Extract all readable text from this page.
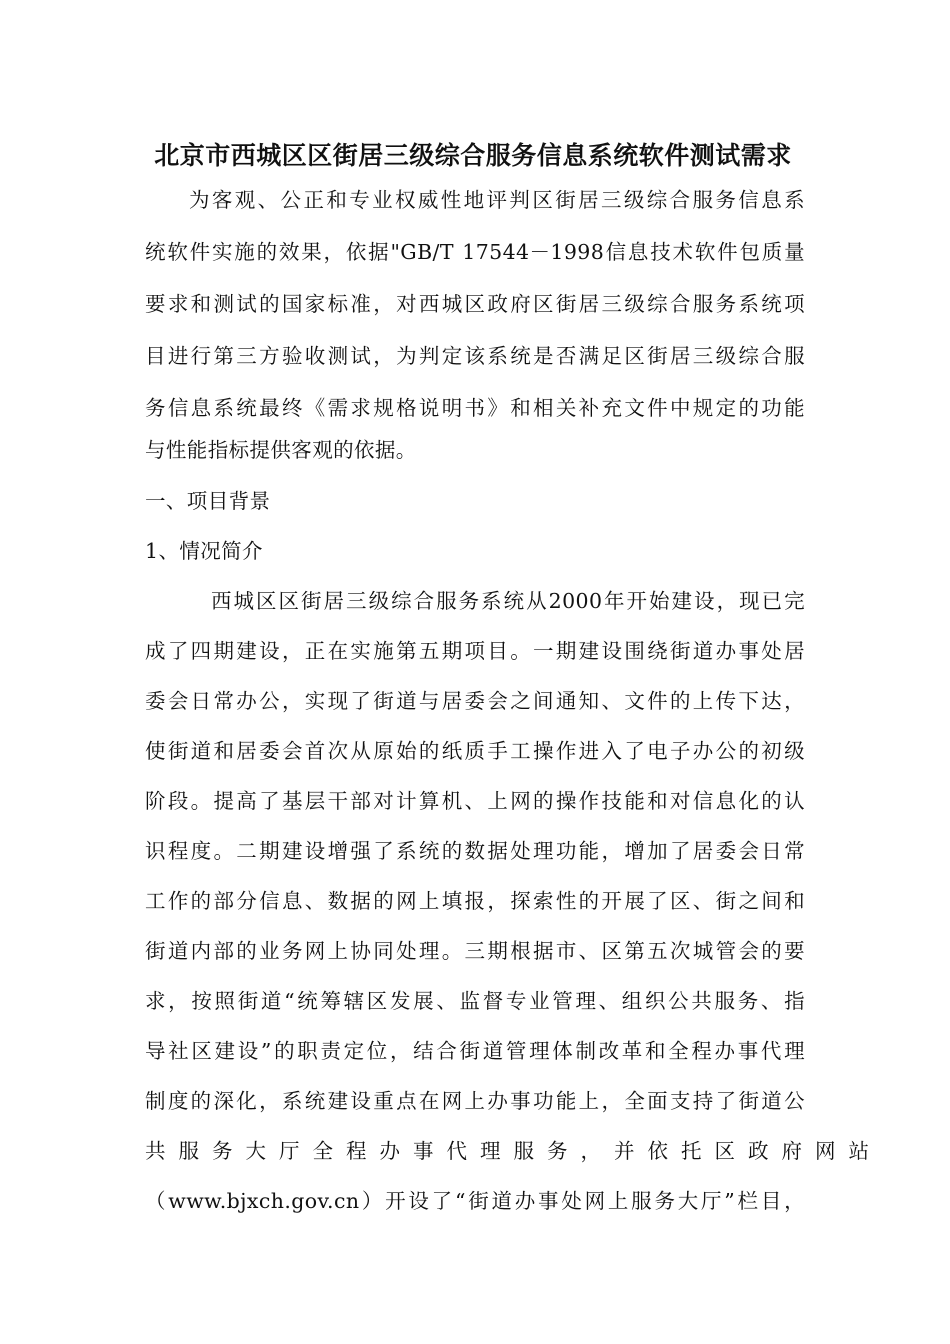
北京市西城区区街居三级综合服务信息系统软件测试需求
为客观、公正和专业权威性地评判区街居三级综合服务信息系
统软件实施的效果，依据"GB/T 17544－1998信息技术软件包质量
要求和测试的国家标准，对西城区政府区街居三级综合服务系统项
目进行第三方验收测试，为判定该系统是否满足区街居三级综合服
务信息系统最终《需求规格说明书》和相关补充文件中规定的功能
与性能指标提供客观的依据。
一、项目背景
1、情况简介
西城区区街居三级综合服务系统从2000年开始建设，现已完
成了四期建设，正在实施第五期项目。一期建设围绕街道办事处居
委会日常办公，实现了街道与居委会之间通知、文件的上传下达，
使街道和居委会首次从原始的纸质手工操作进入了电子办公的初级
阶段。提高了基层干部对计算机、上网的操作技能和对信息化的认
识程度。二期建设增强了系统的数据处理功能，增加了居委会日常
工作的部分信息、数据的网上填报，探索性的开展了区、街之间和
街道内部的业务网上协同处理。三期根据市、区第五次城管会的要
求，按照街道“统筹辖区发展、监督专业管理、组织公共服务、指
导社区建设”的职责定位，结合街道管理体制改革和全程办事代理
制度的深化，系统建设重点在网上办事功能上，全面支持了街道公
共服务大厅全程办事代理服务，并依托区政府网站
（www.bjxch.gov.cn）开设了“街道办事处网上服务大厅”栏目，
